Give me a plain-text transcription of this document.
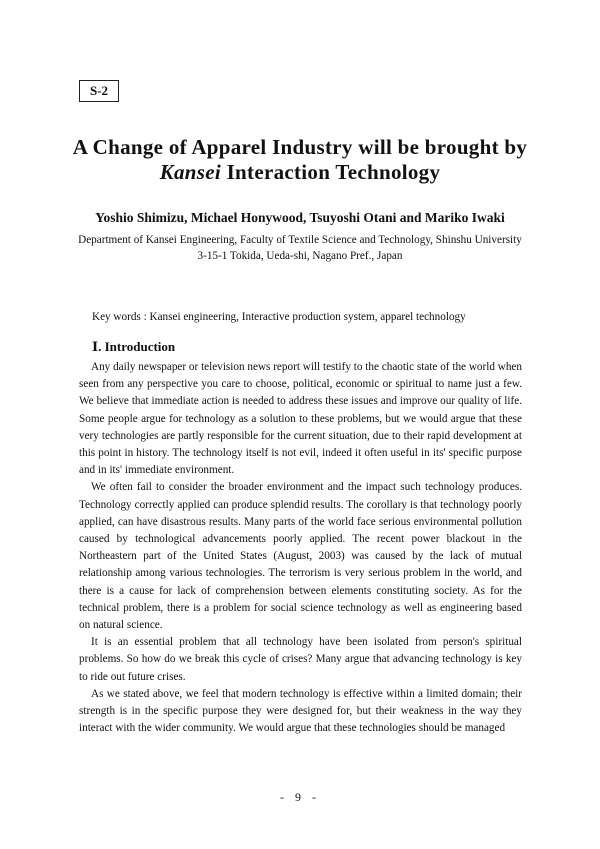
S-2
A Change of Apparel Industry will be brought by
Kansei Interaction Technology
Yoshio Shimizu, Michael Honywood, Tsuyoshi Otani and Mariko Iwaki
Department of Kansei Engineering, Faculty of Textile Science and Technology, Shinshu University
3-15-1 Tokida, Ueda-shi, Nagano Pref., Japan
Key words : Kansei engineering, Interactive production system, apparel technology
Ⅰ. Introduction

Any daily newspaper or television news report will testify to the chaotic state of the world when seen from any perspective you care to choose, political, economic or spiritual to name just a few. We believe that immediate action is needed to address these issues and improve our quality of life. Some people argue for technology as a solution to these problems, but we would argue that these very technologies are partly responsible for the current situation, due to their rapid development at this point in history. The technology itself is not evil, indeed it often useful in its' specific purpose and in its' immediate environment.

We often fail to consider the broader environment and the impact such technology produces. Technology correctly applied can produce splendid results. The corollary is that technology poorly applied, can have disastrous results. Many parts of the world face serious environmental pollution caused by technological advancements poorly applied. The recent power blackout in the Northeastern part of the United States (August, 2003) was caused by the lack of mutual relationship among various technologies. The terrorism is very serious problem in the world, and there is a cause for lack of comprehension between elements constituting society. As for the technical problem, there is a problem for social science technology as well as engineering based on natural science.

It is an essential problem that all technology have been isolated from person's spiritual problems. So how do we break this cycle of crises? Many argue that advancing technology is key to ride out future crises.

As we stated above, we feel that modern technology is effective within a limited domain; their strength is in the specific purpose they were designed for, but their weakness in the way they interact with the wider community. We would argue that these technologies should be managed

- 9 -
